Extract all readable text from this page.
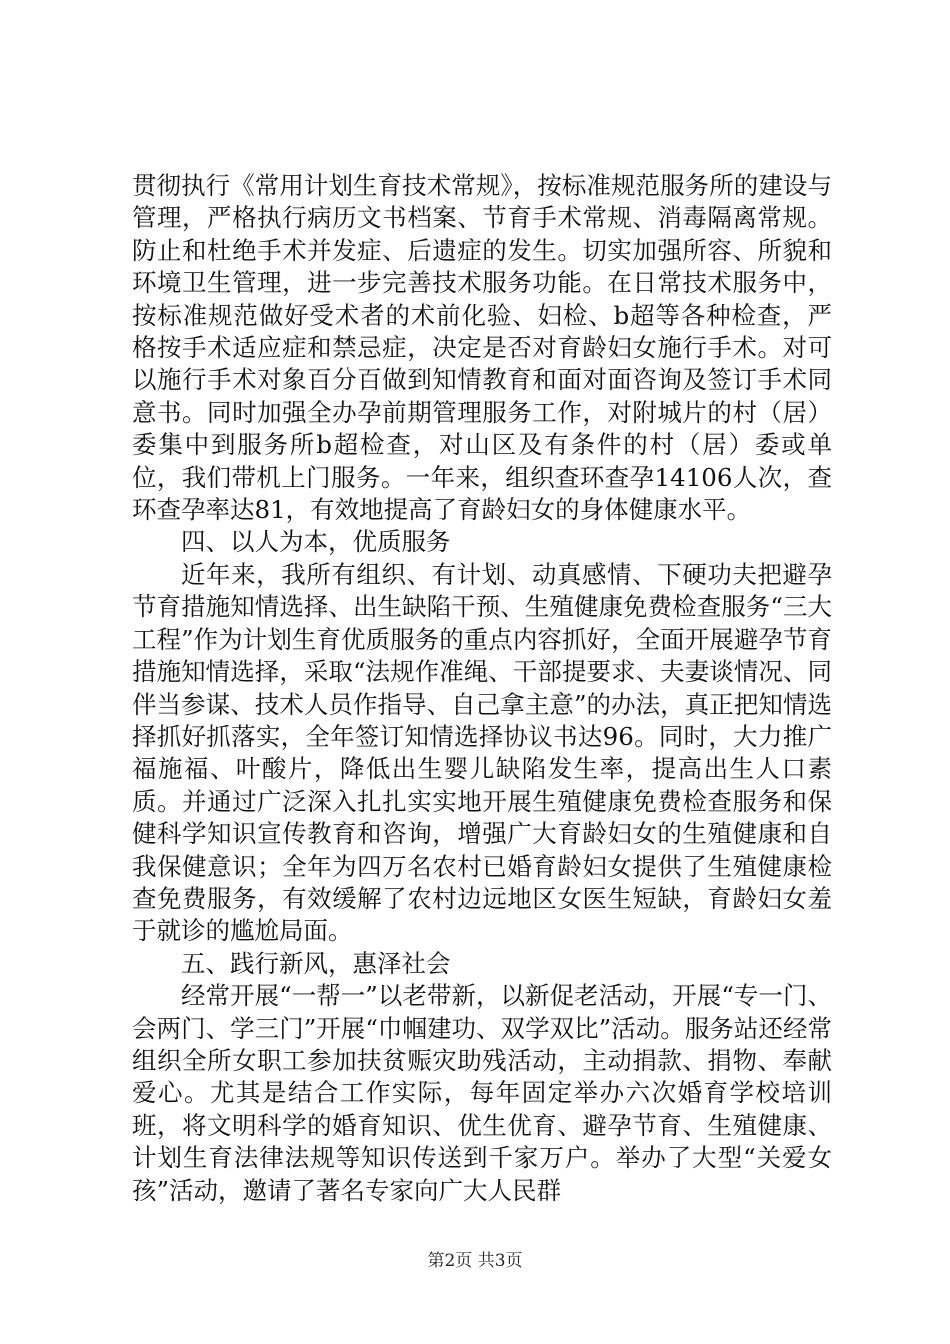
贯彻执行《常用计划生育技术常规》，按标准规范服务所的建设与管理，严格执行病历文书档案、节育手术常规、消毒隔离常规。防止和杜绝手术并发症、后遗症的发生。切实加强所容、所貌和环境卫生管理，进一步完善技术服务功能。在日常技术服务中，按标准规范做好受术者的术前化验、妇检、b超等各种检查，严格按手术适应症和禁忌症，决定是否对育龄妇女施行手术。对可以施行手术对象百分百做到知情教育和面对面咨询及签订手术同意书。同时加强全办孕前期管理服务工作，对附城片的村（居）委集中到服务所b超检查，对山区及有条件的村（居）委或单位，我们带机上门服务。一年来，组织查环查孕14106人次，查环查孕率达81，有效地提高了育龄妇女的身体健康水平。

四、以人为本，优质服务

近年来，我所有组织、有计划、动真感情、下硬功夫把避孕节育措施知情选择、出生缺陷干预、生殖健康免费检查服务“三大工程”作为计划生育优质服务的重点内容抓好，全面开展避孕节育措施知情选择，采取“法规作准绳、干部提要求、夫妻谈情况、同伴当参谋、技术人员作指导、自己拿主意”的办法，真正把知情选择抓好抓落实，全年签订知情选择协议书达96。同时，大力推广福施福、叶酸片，降低出生婴儿缺陷发生率，提高出生人口素质。并通过广泛深入扎扎实实地开展生殖健康免费检查服务和保健科学知识宣传教育和咨询，增强广大育龄妇女的生殖健康和自我保健意识；全年为四万名农村已婚育龄妇女提供了生殖健康检查免费服务，有效缓解了农村边远地区女医生短缺，育龄妇女羞于就诊的尴尬局面。

五、践行新风，惠泽社会

经常开展“一帮一”以老带新，以新促老活动，开展“专一门、会两门、学三门”开展“巾帼建功、双学双比”活动。服务站还经常组织全所女职工参加扶贫赈灾助残活动，主动捐款、捐物、奉献爱心。尤其是结合工作实际，每年固定举办六次婚育学校培训班，将文明科学的婚育知识、优生优育、避孕节育、生殖健康、计划生育法律法规等知识传送到千家万户。举办了大型“关爱女孩”活动，邀请了著名专家向广大人民群

第2页 共3页
